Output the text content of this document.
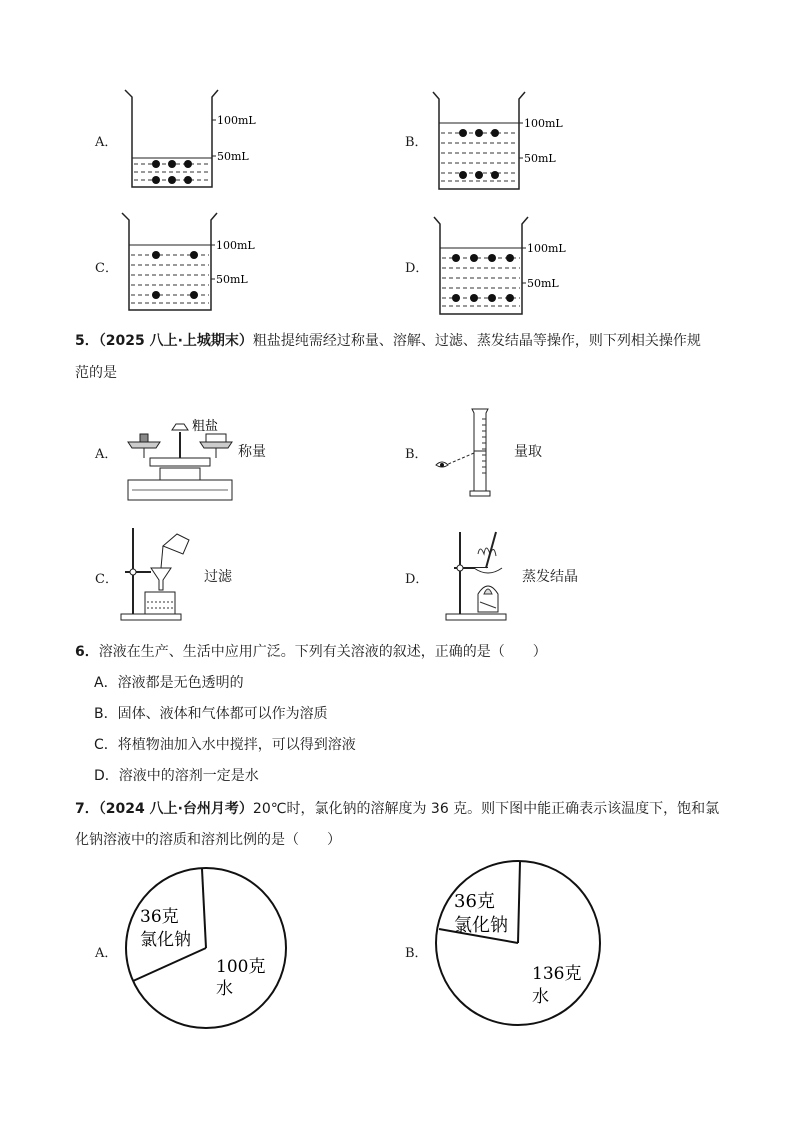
A．
100mL
50mL
B．
100mL
50mL
C．
100mL
50mL
D．
100mL
50mL
5．（2025 八上·上城期末）粗盐提纯需经过称量、溶解、过滤、蒸发结晶等操作，则下列相关操作规
范的是
A．
粗盐
称量	B．	量取
C．	过滤	D．	蒸发结晶
6．溶液在生产、生活中应用广泛。下列有关溶液的叙述，正确的是（　　）
A．溶液都是无色透明的
B．固体、液体和气体都可以作为溶质
C．将植物油加入水中搅拌，可以得到溶液
D．溶液中的溶剂一定是水
7．（2024 八上·台州月考）20℃时，氯化钠的溶解度为 36 克。则下图中能正确表示该温度下，饱和氯
化钠溶液中的溶质和溶剂比例的是（　　）
A．
36克
氯化钠
100克
水
B．
36克
氯化钠
136克
水
